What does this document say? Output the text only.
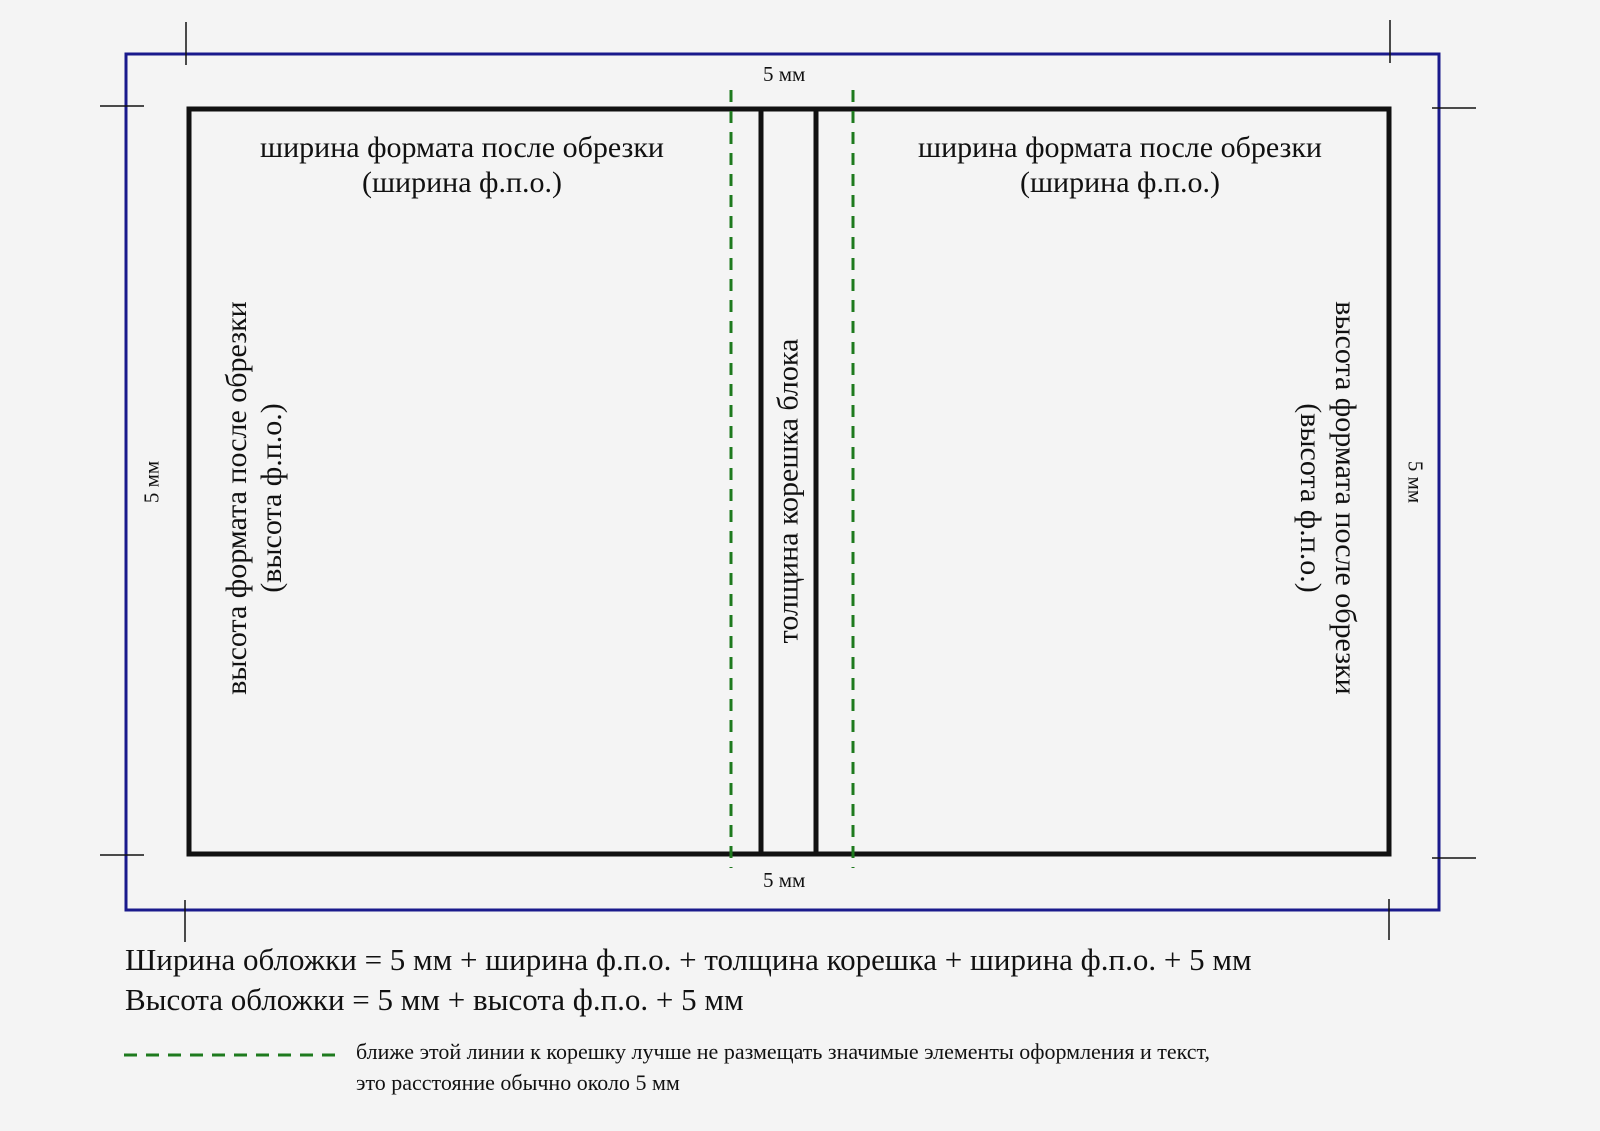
5 мм
5 мм
5 мм	5 мм
ширина формата после обрезки
(ширина ф.п.о.)
ширина формата после обрезки
(ширина ф.п.о.)
высота формата после обрезки (высота ф.п.о.)	высота формата после обрезки
(высота ф.п.о.)
толщина корешка блока
Ширина обложки = 5 мм + ширина ф.п.о. + толщина корешка + ширина ф.п.о. + 5 мм
Высота обложки = 5 мм + высота ф.п.о. + 5 мм
ближе этой линии к корешку лучше не размещать значимые элементы оформления и текст,
это расстояние обычно около 5 мм
